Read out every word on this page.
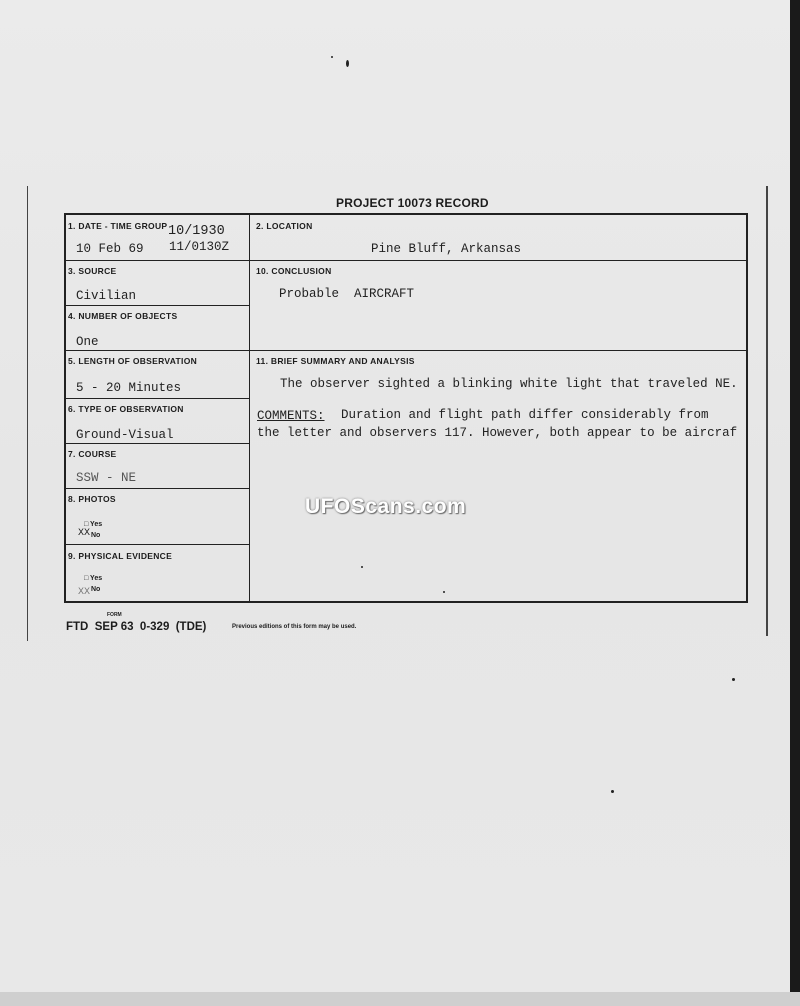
PROJECT 10073 RECORD
1. DATE - TIME GROUP 10/1930
10 Feb 69 11/0130Z
2. LOCATION
Pine Bluff, Arkansas
3. SOURCE
Civilian
10. CONCLUSION
Probable  AIRCRAFT
4. NUMBER OF OBJECTS
One
5. LENGTH OF OBSERVATION
5 - 20 Minutes
11. BRIEF SUMMARY AND ANALYSIS
The observer sighted a blinking white light that traveled NE.
COMMENTS: Duration and flight path differ considerably from
the letter and observers 117. However, both appear to be aircraf
6. TYPE OF OBSERVATION
Ground-Visual
7. COURSE
SSW - NE
8. PHOTOS
□ Yes
XX No
9. PHYSICAL EVIDENCE
□ Yes
XX No
UFOScans.com
FORM
FTD  SEP 63  0-329  (TDE)	Previous editions of this form may be used.
